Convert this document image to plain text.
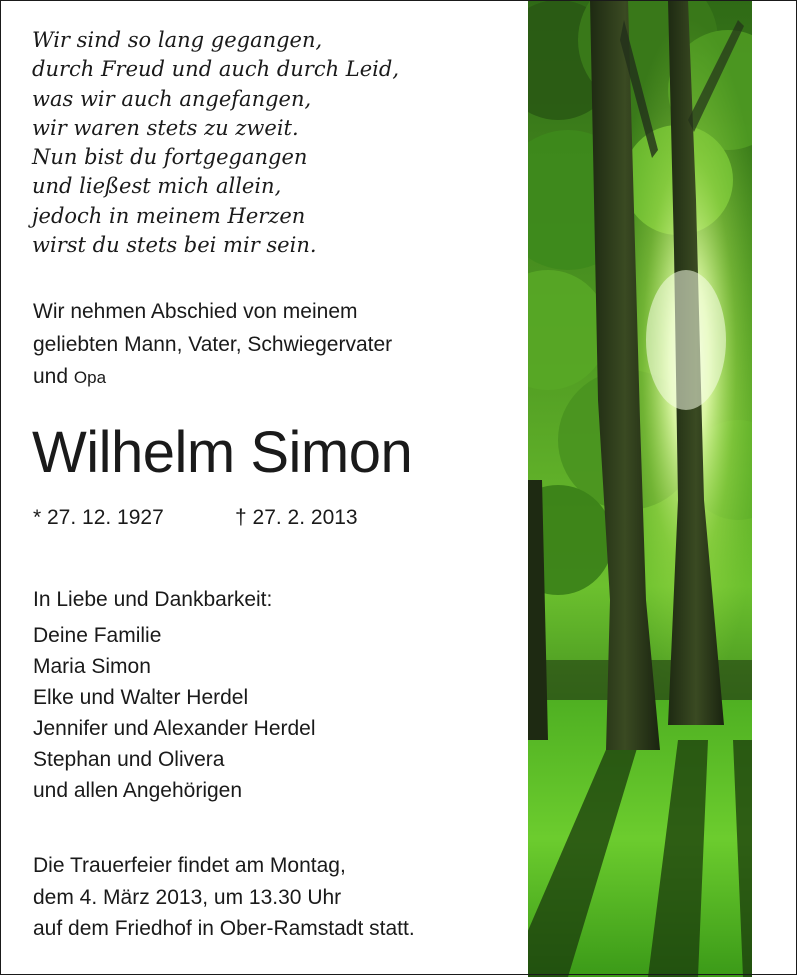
Wir sind so lang gegangen,
durch Freud und auch durch Leid,
was wir auch angefangen,
wir waren stets zu zweit.
Nun bist du fortgegangen
und ließest mich allein,
jedoch in meinem Herzen
wirst du stets bei mir sein.
Wir nehmen Abschied von meinem
geliebten Mann, Vater, Schwiegervater
und Opa
Wilhelm Simon
* 27. 12. 1927	† 27. 2. 2013
In Liebe und Dankbarkeit:
Deine Familie
Maria Simon
Elke und Walter Herdel
Jennifer und Alexander Herdel
Stephan und Olivera
und allen Angehörigen
Die Trauerfeier findet am Montag,
dem 4. März 2013, um 13.30 Uhr
auf dem Friedhof in Ober-Ramstadt statt.
